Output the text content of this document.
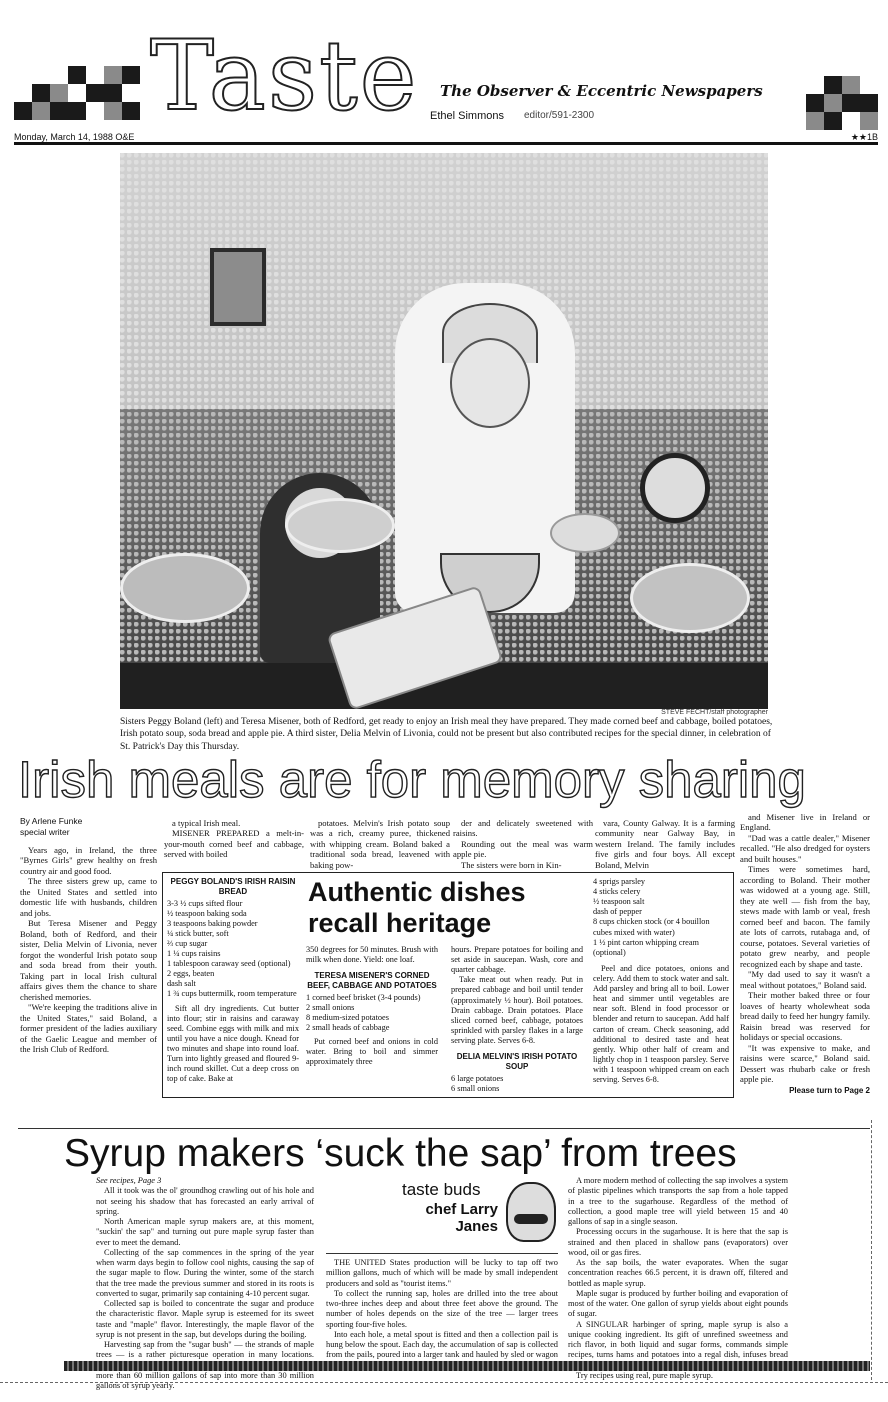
Taste The Observer & Eccentric Newspapers
Ethel Simmons editor/591-2300
Monday, March 14, 1988 O&E	★★1B
STEVE FECHT/staff photographer
Sisters Peggy Boland (left) and Teresa Misener, both of Redford, get ready to enjoy an Irish meal they have prepared. They made corned beef and cabbage, boiled potatoes, Irish potato soup, soda bread and apple pie. A third sister, Delia Melvin of Livonia, could not be present but also contributed recipes for the special dinner, in celebration of St. Patrick's Day this Thursday.
Irish meals are for memory sharing
By Arlene Funke
special writer

Years ago, in Ireland, the three "Byrnes Girls" grew healthy on fresh country air and good food.

The three sisters grew up, came to the United States and settled into domestic life with husbands, children and jobs.

But Teresa Misener and Peggy Boland, both of Redford, and their sister, Delia Melvin of Livonia, never forgot the wonderful Irish potato soup and soda bread from their youth. Taking part in local Irish cultural affairs gives them the chance to share cherished memories.

"We're keeping the traditions alive in the United States," said Boland, a former president of the ladies auxiliary of the Gaelic League and member of the Irish Club of Redford.

a typical Irish meal.

MISENER PREPARED a melt-in-your-mouth corned beef and cabbage, served with boiled

potatoes. Melvin's Irish potato soup was a rich, creamy puree, thickened with whipping cream. Boland baked a traditional soda bread, leavened with baking pow-

der and delicately sweetened with raisins.

Rounding out the meal was warm apple pie.

The sisters were born in Kin-

vara, County Galway. It is a farming community near Galway Bay, in western Ireland. The family includes five girls and four boys. All except Boland, Melvin

and Misener live in Ireland or England.

"Dad was a cattle dealer," Misener recalled. "He also dredged for oysters and built houses."

Times were sometimes hard, according to Boland. Their mother was widowed at a young age. Still, they ate well — fish from the bay, stews made with lamb or veal, fresh corned beef and bacon. The family ate lots of carrots, rutabaga and, of course, potatoes. Several varieties of potato grew nearby, and people recognized each by shape and taste.

"My dad used to say it wasn't a meal without potatoes," Boland said.

Their mother baked three or four loaves of hearty wholewheat soda bread daily to feed her hungry family. Raisin bread was reserved for holidays or special occasions.

"It was expensive to make, and raisins were scarce," Boland said. Dessert was rhubarb cake or fresh apple pie.

Please turn to Page 2
Authentic dishes recall heritage
PEGGY BOLAND'S IRISH RAISIN BREAD
3-3 ½ cups sifted flour
½ teaspoon baking soda
3 teaspoons baking powder
¼ stick butter, soft
⅔ cup sugar
1 ¼ cups raisins
1 tablespoon caraway seed (optional)
2 eggs, beaten
dash salt
1 ¾ cups buttermilk, room temperature

Sift all dry ingredients. Cut butter into flour; stir in raisins and caraway seed. Combine eggs with milk and mix until you have a nice dough. Knead for two minutes and shape into round loaf. Turn into lightly greased and floured 9-inch round skillet. Cut a deep cross on top of cake. Bake at

350 degrees for 50 minutes. Brush with milk when done. Yield: one loaf.

TERESA MISENER'S CORNED BEEF, CABBAGE AND POTATOES
1 corned beef brisket (3-4 pounds)
2 small onions
8 medium-sized potatoes
2 small heads of cabbage

Put corned beef and onions in cold water. Bring to boil and simmer approximately three

hours. Prepare potatoes for boiling and set aside in saucepan. Wash, core and quarter cabbage.

Take meat out when ready. Put in prepared cabbage and boil until tender (approximately ½ hour). Boil potatoes. Drain cabbage. Drain potatoes. Place sliced corned beef, cabbage, potatoes sprinkled with parsley flakes in a large serving plate. Serves 6-8.

DELIA MELVIN'S IRISH POTATO SOUP
6 large potatoes
6 small onions
4 sprigs parsley
4 sticks celery
½ teaspoon salt
dash of pepper
8 cups chicken stock (or 4 bouillon cubes mixed with water)
1 ½ pint carton whipping cream (optional)

Peel and dice potatoes, onions and celery. Add them to stock water and salt. Add parsley and bring all to boil. Lower heat and simmer until vegetables are near soft. Blend in food processor or blender and return to saucepan. Add half carton of cream. Check seasoning, add additional to desired taste and heat gently. Whip other half of cream and lightly chop in 1 teaspoon parsley. Serve with 1 teaspoon whipped cream on each serving. Serves 6-8.

Syrup makers ‘suck the sap’ from trees

See recipes, Page 3

All it took was the ol' groundhog crawling out of his hole and not seeing his shadow that has forecasted an early arrival of spring.

North American maple syrup makers are, at this moment, "suckin' the sap" and turning out pure maple syrup faster than ever to meet the demand.

Collecting of the sap commences in the spring of the year when warm days begin to follow cool nights, causing the sap of the sugar maple to flow. During the winter, some of the starch that the tree made the previous summer and stored in its roots is converted to sugar, primarily sap containing 4-10 percent sugar.

Collected sap is boiled to concentrate the sugar and produce the characteristic flavor. Maple syrup is esteemed for its sweet taste and "maple" flavor. Interestingly, the maple flavor of the syrup is not present in the sap, but develops during the boiling.

Harvesting sap from the "sugar bush" — the strands of maple trees — is a rather picturesque operation in many locations. more than 60 million gallons of sap into more than 30 million gallons of syrup yearly.

taste buds
chef Larry Janes

THE UNITED States production will be lucky to tap off two million gallons, much of which will be made by small independent producers and sold as "tourist items."

To collect the running sap, holes are drilled into the tree about two-three inches deep and about three feet above the ground. The number of holes depends on the size of the tree — larger trees sporting four-five holes.

Into each hole, a metal spout is fitted and then a collection pail is hung below the spout. Each day, the accumulation of sap is collected from the pails, poured into a larger tank and hauled by sled or wagon

A more modern method of collecting the sap involves a system of plastic pipelines which transports the sap from a hole tapped in a tree to the sugarhouse. Regardless of the method of collection, a good maple tree will yield between 15 and 40 gallons of sap in a single season.

Processing occurs in the sugarhouse. It is here that the sap is strained and then placed in shallow pans (evaporators) over wood, oil or gas fires.

As the sap boils, the water evaporates. When the sugar concentration reaches 66.5 percent, it is drawn off, filtered and bottled as maple syrup.

Maple sugar is produced by further boiling and evaporation of most of the water. One gallon of syrup yields about eight pounds of sugar.

A SINGULAR harbinger of spring, maple syrup is also a unique cooking ingredient. Its gift of unrefined sweetness and rich flavor, in both liquid and sugar forms, commands simple recipes, turns hams and potatoes into a regal dish, infuses bread

Try recipes using real, pure maple syrup.
